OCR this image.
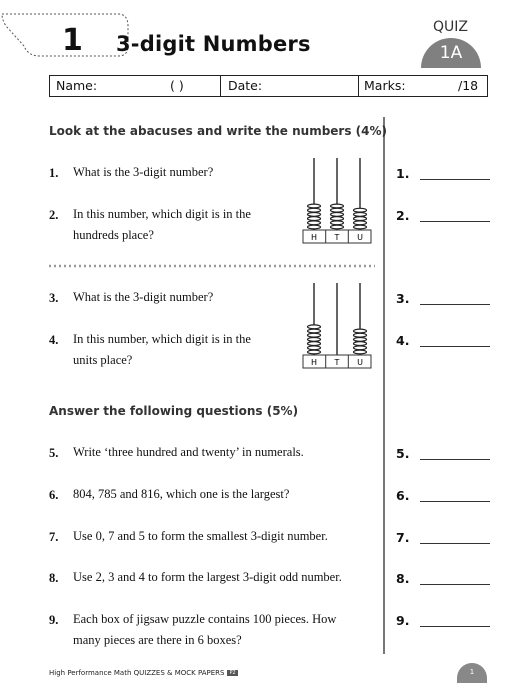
1 3-digit Numbers
QUIZ
1A
Name:	( )	Date:	Marks:	/18
Look at the abacuses and write the numbers (4%)
1. What is the 3-digit number?	1.
2. In this number, which digit is in the
hundreds place?
2.
H T U
3. What is the 3-digit number?	3.
4. In this number, which digit is in the
units place?
4.
H T U
Answer the following questions (5%)
5. Write ‘three hundred and twenty’ in numerals.	5.
6. 804, 785 and 816, which one is the largest?	6.
7. Use 0, 7 and 5 to form the smallest 3-digit number.	7.
8. Use 2, 3 and 4 to form the largest 3-digit odd number.	8.
9. Each box of jigsaw puzzle contains 100 pieces. How
many pieces are there in 6 boxes?
9.
High Performance Math QUIZZES & MOCK PAPERS P2	1
